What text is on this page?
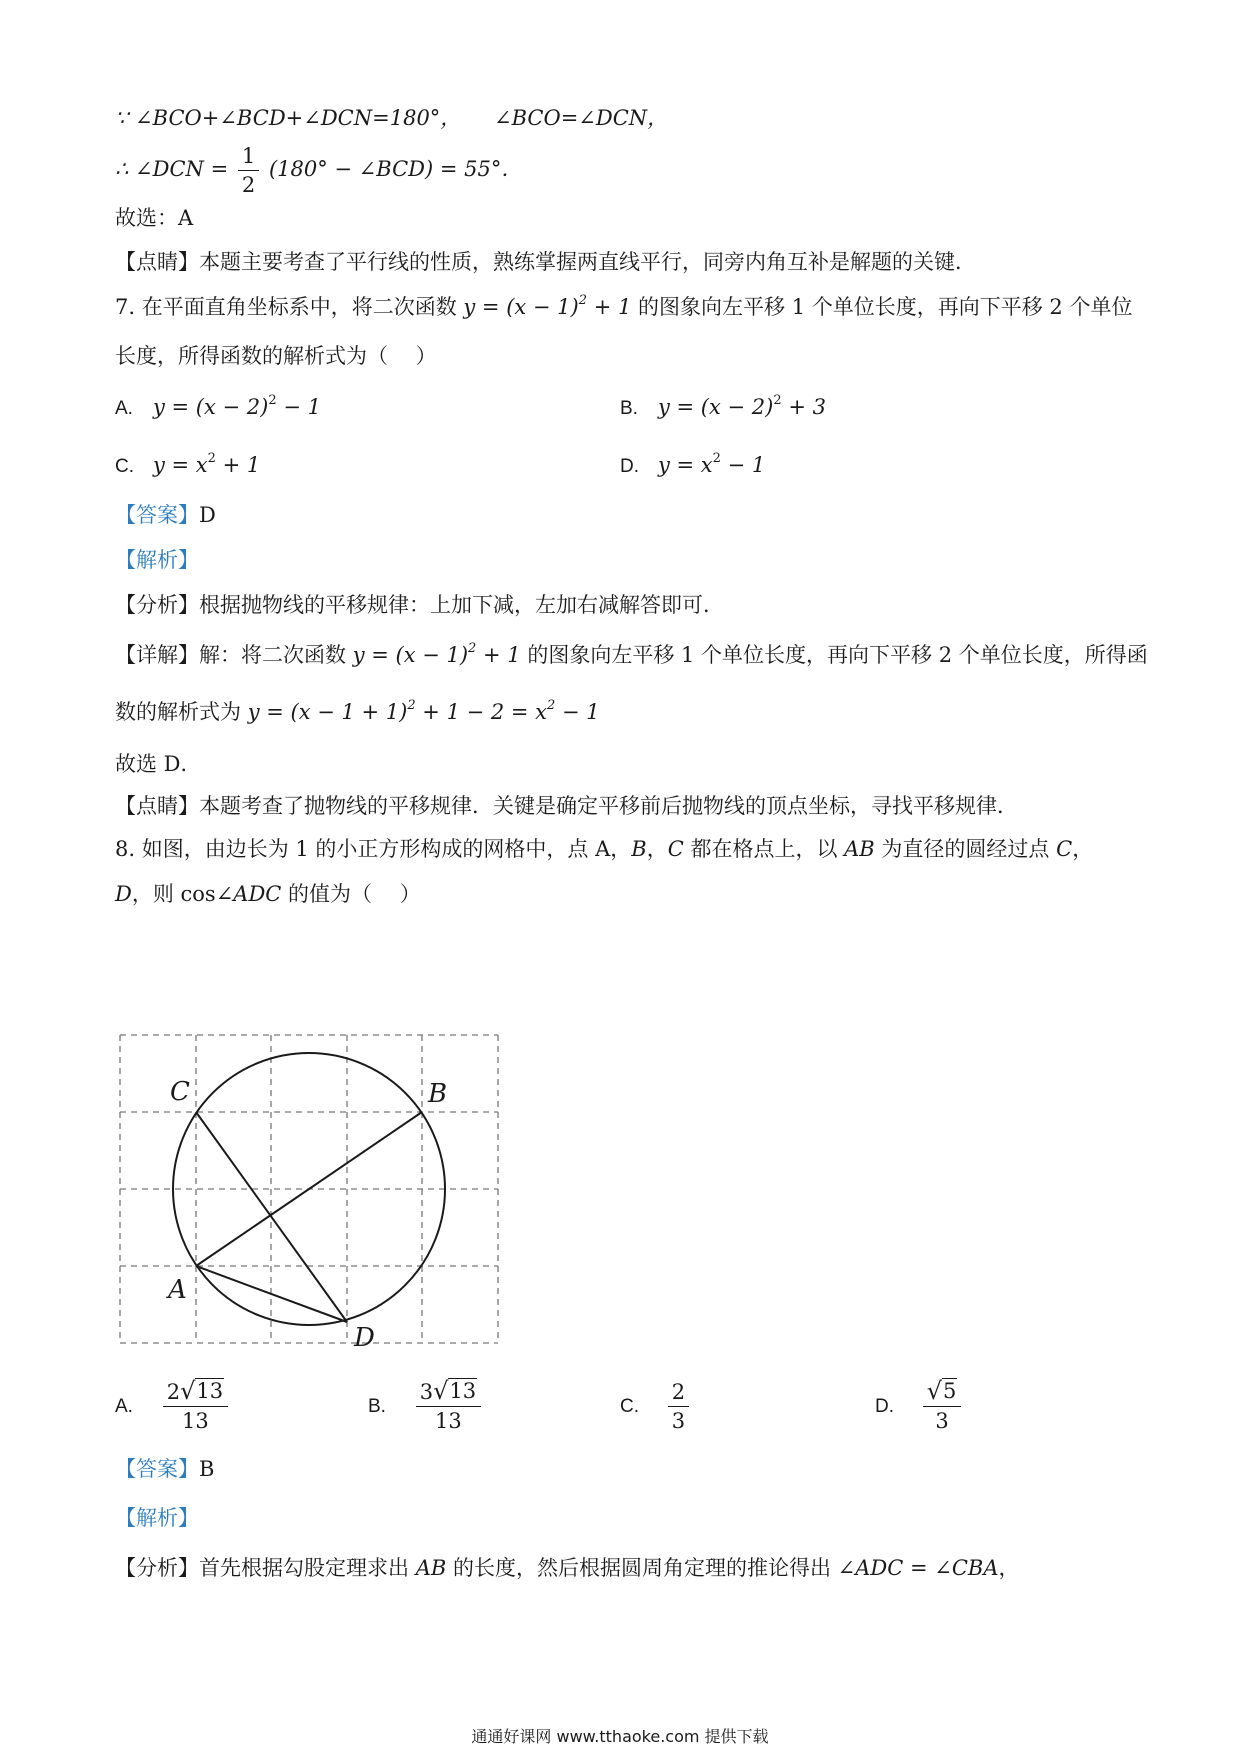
∵ ∠BCO+∠BCD+∠DCN=180°， ∠BCO=∠DCN，
∴ ∠DCN = $\frac{1}{2} (180^\circ$ − ∠BCD) = 55°．
故选：A
【点睛】本题主要考查了平行线的性质，熟练掌握两直线平行，同旁内角互补是解题的关键．
7. 在平面直角坐标系中，将二次函数 $y = (x - 1)^2 + 1$ 的图象向左平移 1 个单位长度，再向下平移 2 个单位
长度，所得函数的解析式为（　 ）
A. $y = (x - 2)^2 - 1$	B. $y = (x - 2)^2 + 3$
C. $y = x^2 + 1$	D. $y = x^2 - 1$
【答案】D
【解析】
【分析】根据抛物线的平移规律：上加下减，左加右减解答即可．
【详解】解：将二次函数 $y = (x - 1)^2 + 1$ 的图象向左平移 1 个单位长度，再向下平移 2 个单位长度，所得函
数的解析式为 $y = (x - 1 + 1)^2 + 1 - 2 = x^2 - 1$
故选 D．
【点睛】本题考查了抛物线的平移规律．关键是确定平移前后抛物线的顶点坐标，寻找平移规律．
8. 如图，由边长为 1 的小正方形构成的网格中，点 A，B，C 都在格点上，以 AB 为直径的圆经过点 C，
D，则 cos∠ADC 的值为（　 ）
C	B
A
D
A. $\frac{2 √ 13}{13}$	B. $\frac{3 √ 13}{13}$	C. $\frac{2}{3}$	D. $\frac{√ 5}{3}$
【答案】B
【解析】
【分析】首先根据勾股定理求出 AB 的长度，然后根据圆周角定理的推论得出 ∠ADC = ∠CBA，
通通好课网 www.tthaoke.com 提供下载
